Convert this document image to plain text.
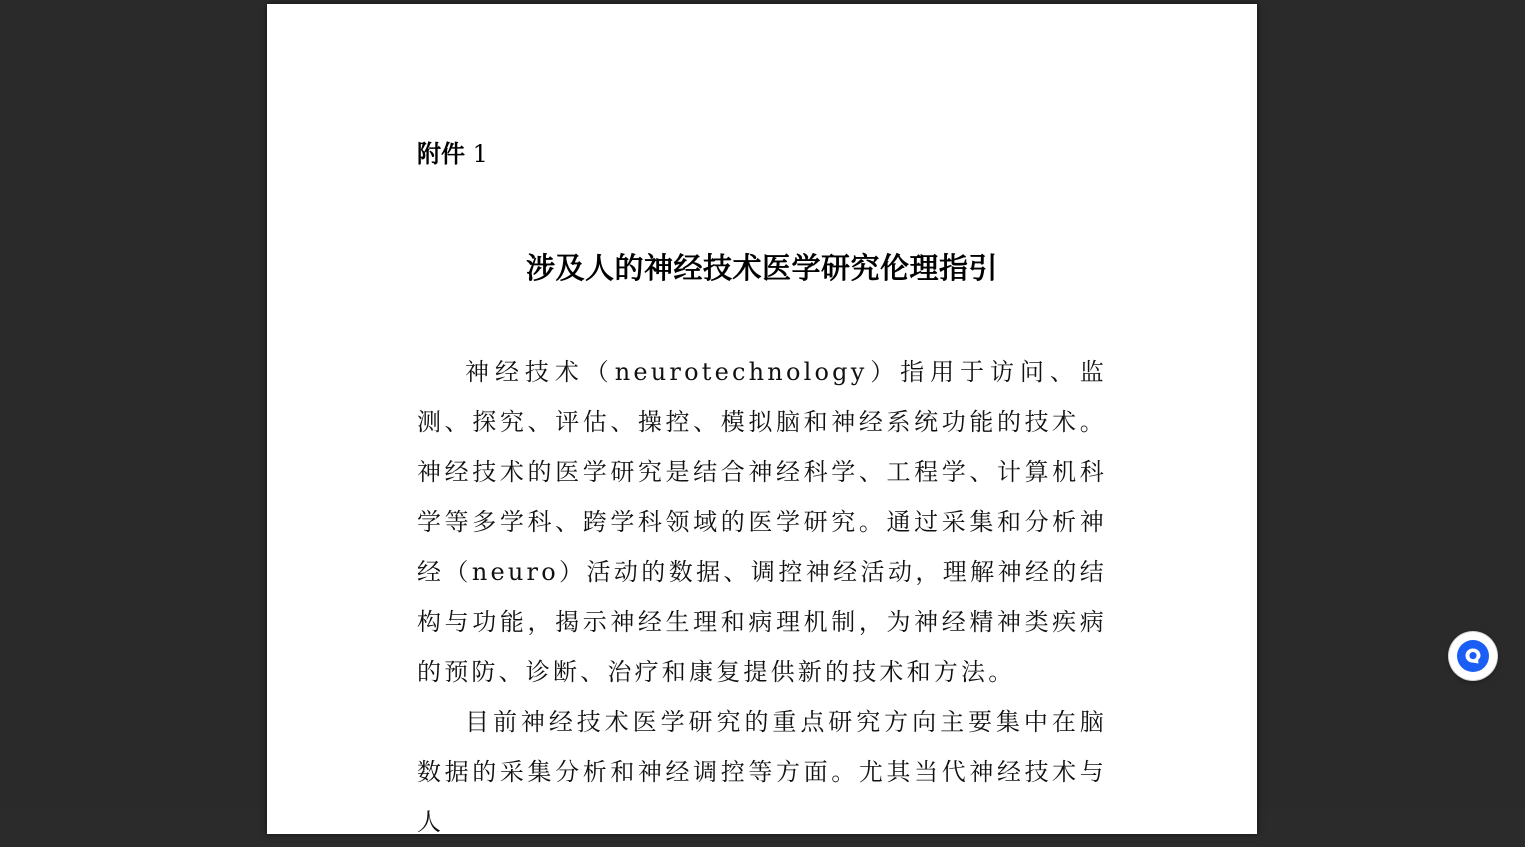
附件 1
涉及人的神经技术医学研究伦理指引

神经技术（neurotechnology）指用于访问、监测、探究、评估、操控、模拟脑和神经系统功能的技术。神经技术的医学研究是结合神经科学、工程学、计算机科学等多学科、跨学科领域的医学研究。通过采集和分析神经（neuro）活动的数据、调控神经活动，理解神经的结构与功能，揭示神经生理和病理机制，为神经精神类疾病的预防、诊断、治疗和康复提供新的技术和方法。

目前神经技术医学研究的重点研究方向主要集中在脑数据的采集分析和神经调控等方面。尤其当代神经技术与人
